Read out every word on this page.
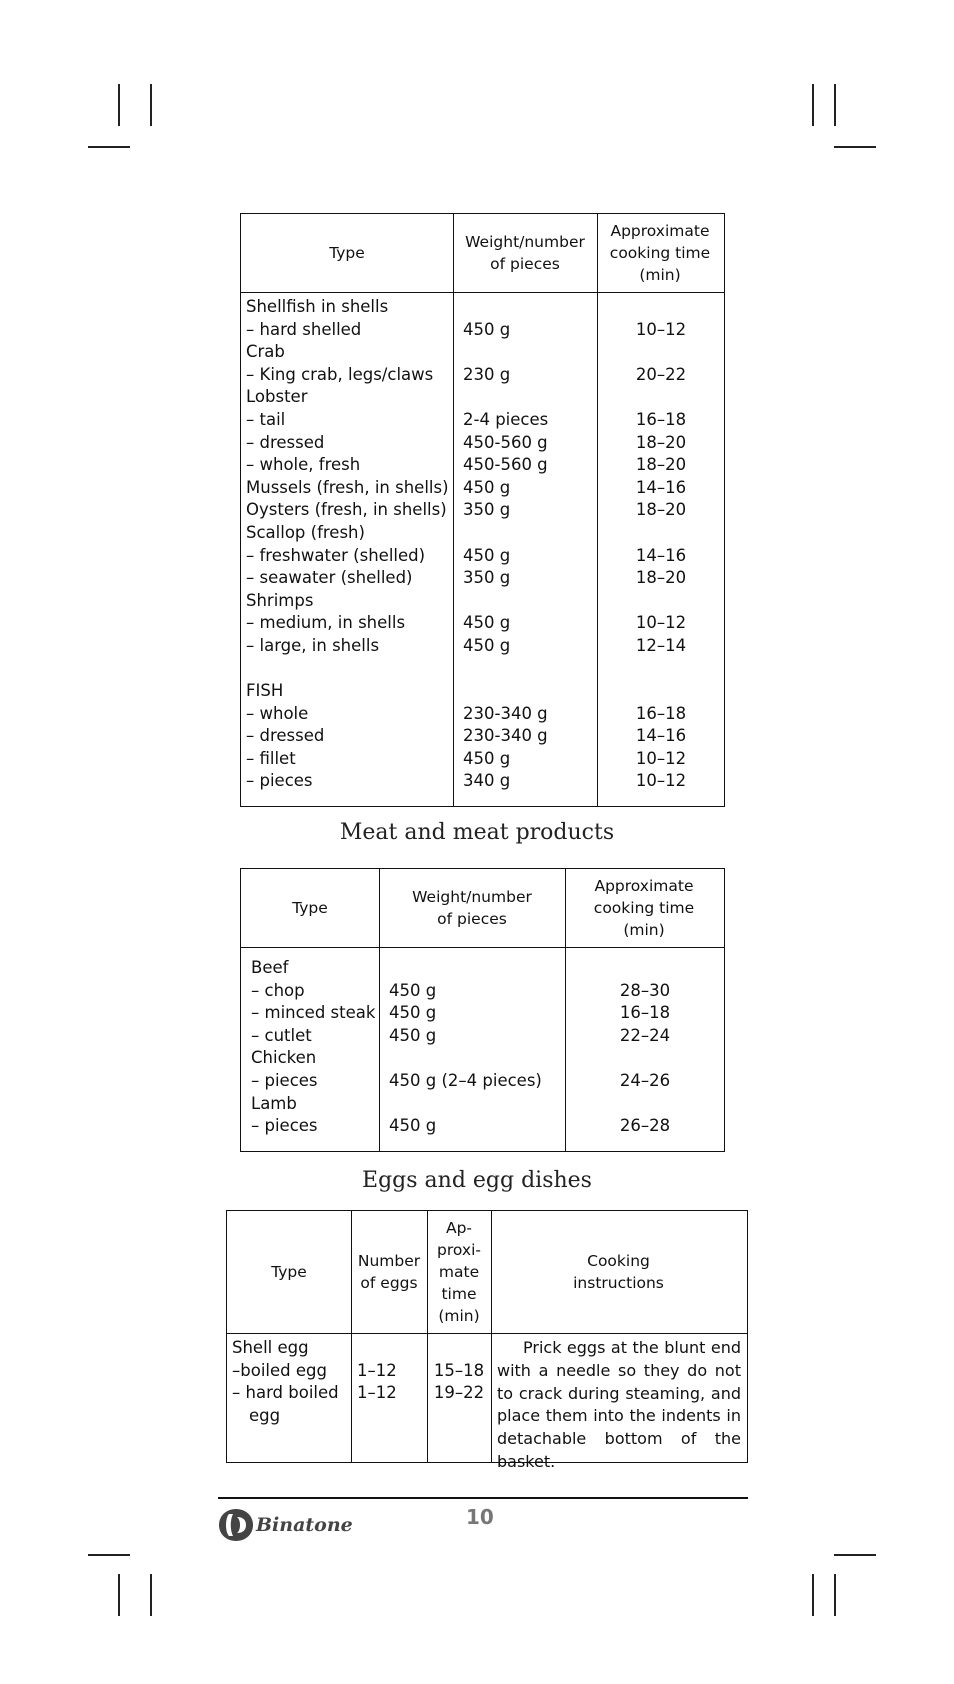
Type
Weight/number of pieces
Approximate cooking time (min)
Shellfish in shells
– hard shelled
Crab
– King crab, legs/claws
Lobster
– tail
– dressed
– whole, fresh
Mussels (fresh, in shells)
Oysters (fresh, in shells)
Scallop (fresh)
– freshwater (shelled)
– seawater (shelled)
Shrimps
– medium, in shells
– large, in shells
FISH
– whole
– dressed
– fillet
– pieces
450 g
230 g
2-4 pieces
450-560 g
450-560 g
450 g
350 g
450 g
350 g
450 g
450 g
230-340 g
230-340 g
450 g
340 g
10–12
20–22
16–18
18–20
18–20
14–16
18–20
14–16
18–20
10–12
12–14
16–18
14–16
10–12
10–12
Meat and meat products
Type
Weight/number of pieces
Approximate cooking time (min)
Beef
– chop
– minced steak
– cutlet
Chicken
– pieces
Lamb
– pieces
450 g
450 g
450 g
450 g (2–4 pieces)
450 g
28–30
16–18
22–24
24–26
26–28
Eggs and egg dishes
Type
Number of eggs
Ap- proxi- mate time (min)
Cooking instructions
Shell egg
–boiled egg
– hard boiled
egg
1–12
1–12
15–18
19–22
Prick eggs at the blunt end with a needle so they do not to crack during steaming, and place them into the indents in detachable bottom of the basket.
Binatone	10
